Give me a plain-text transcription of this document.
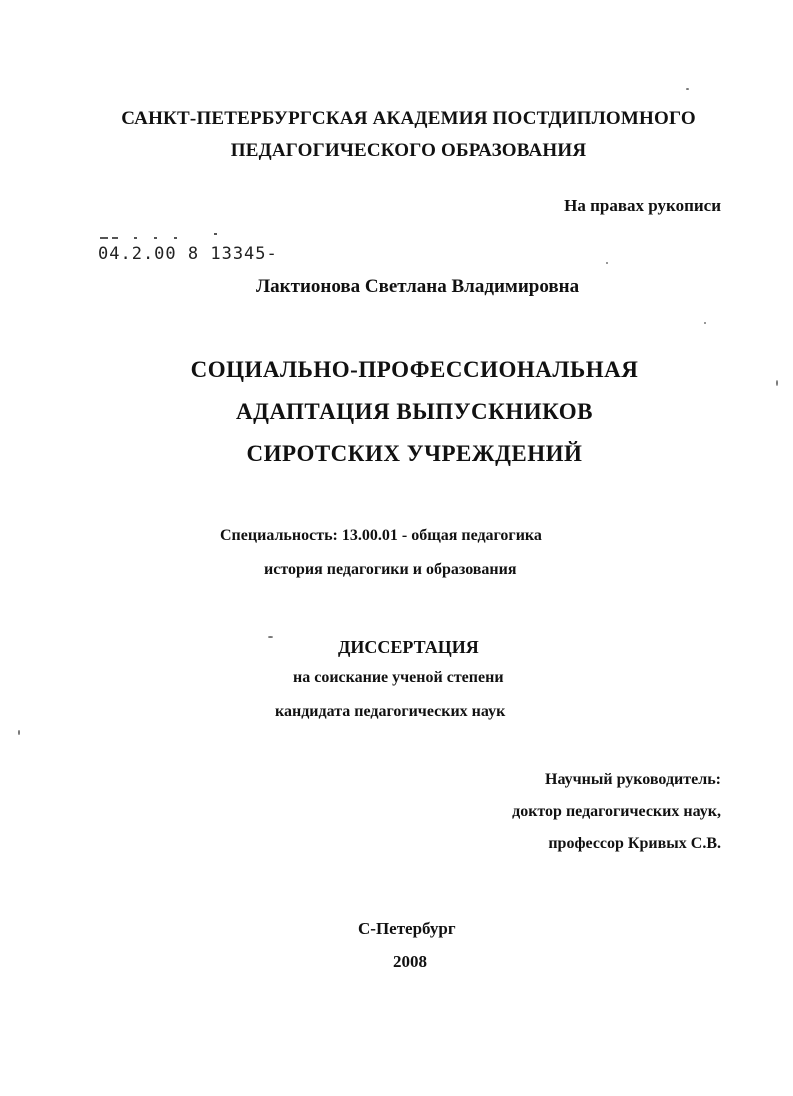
САНКТ-ПЕТЕРБУРГСКАЯ АКАДЕМИЯ ПОСТДИПЛОМНОГО
ПЕДАГОГИЧЕСКОГО ОБРАЗОВАНИЯ
На правах рукописи
04.2.00 8 13345-
Лактионова Светлана Владимировна
СОЦИАЛЬНО-ПРОФЕССИОНАЛЬНАЯ
АДАПТАЦИЯ ВЫПУСКНИКОВ
СИРОТСКИХ УЧРЕЖДЕНИЙ
Специальность: 13.00.01 - общая педагогика
история педагогики и образования
ДИССЕРТАЦИЯ
на соискание ученой степени
кандидата педагогических наук
Научный руководитель:
доктор педагогических наук,
профессор Кривых С.В.
С-Петербург
2008
